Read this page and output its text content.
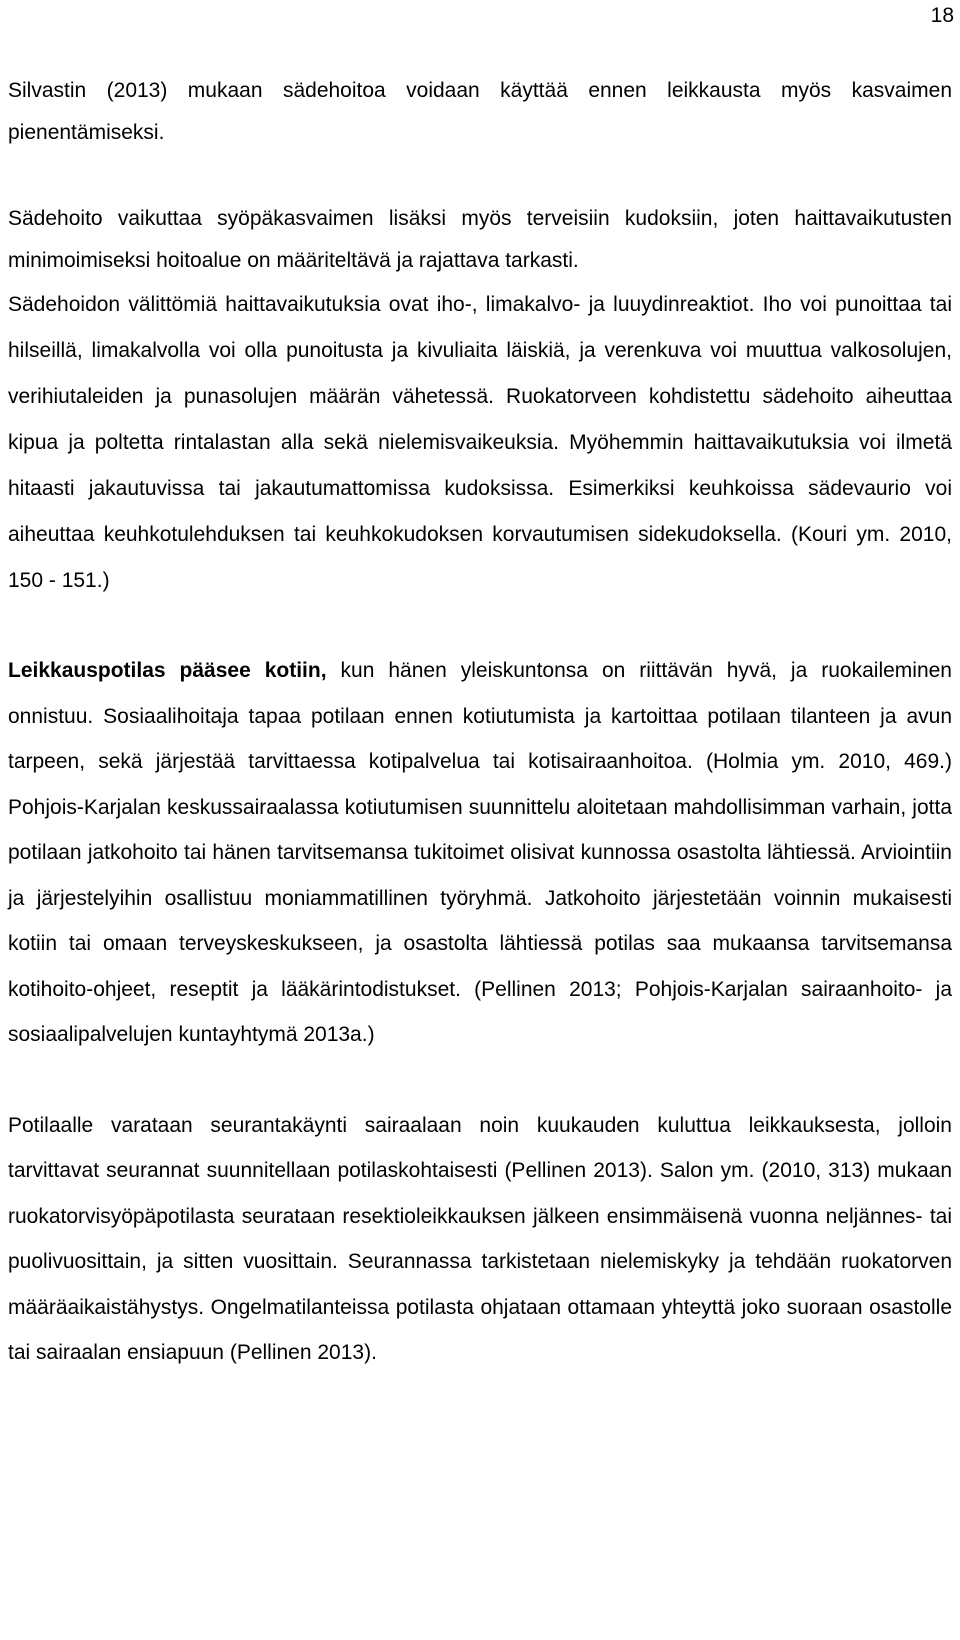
18

Silvastin (2013) mukaan sädehoitoa voidaan käyttää ennen leikkausta myös kasvaimen pienentämiseksi.

Sädehoito vaikuttaa syöpäkasvaimen lisäksi myös terveisiin kudoksiin, joten haittavaikutusten minimoimiseksi hoitoalue on määriteltävä ja rajattava tarkasti.

Sädehoidon välittömiä haittavaikutuksia ovat iho-, limakalvo- ja luuydinreaktiot. Iho voi punoittaa tai hilseillä, limakalvolla voi olla punoitusta ja kivuliaita läiskiä, ja verenkuva voi muuttua valkosolujen, verihiutaleiden ja punasolujen määrän vähetessä. Ruokatorveen kohdistettu sädehoito aiheuttaa kipua ja poltetta rintalastan alla sekä nielemisvaikeuksia. Myöhemmin haittavaikutuksia voi ilmetä hitaasti jakautuvissa tai jakautumattomissa kudoksissa. Esimerkiksi keuhkoissa sädevaurio voi aiheuttaa keuhkotulehduksen tai keuhkokudoksen korvautumisen sidekudoksella. (Kouri ym. 2010, 150 - 151.)

Leikkauspotilas pääsee kotiin, kun hänen yleiskuntonsa on riittävän hyvä, ja ruokaileminen onnistuu. Sosiaalihoitaja tapaa potilaan ennen kotiutumista ja kartoittaa potilaan tilanteen ja avun tarpeen, sekä järjestää tarvittaessa kotipalvelua tai kotisairaanhoitoa. (Holmia ym. 2010, 469.) Pohjois-Karjalan keskussairaalassa kotiutumisen suunnittelu aloitetaan mahdollisimman varhain, jotta potilaan jatkohoito tai hänen tarvitsemansa tukitoimet olisivat kunnossa osastolta lähtiessä. Arviointiin ja järjestelyihin osallistuu moniammatillinen työryhmä. Jatkohoito järjestetään voinnin mukaisesti kotiin tai omaan terveyskeskukseen, ja osastolta lähtiessä potilas saa mukaansa tarvitsemansa kotihoito-ohjeet, reseptit ja lääkärintodistukset. (Pellinen 2013; Pohjois-Karjalan sairaanhoito- ja sosiaalipalvelujen kuntayhtymä 2013a.)

Potilaalle varataan seurantakäynti sairaalaan noin kuukauden kuluttua leikkauksesta, jolloin tarvittavat seurannat suunnitellaan potilaskohtaisesti (Pellinen 2013). Salon ym. (2010, 313) mukaan ruokatorvisyöpäpotilasta seurataan resektioleikkauksen jälkeen ensimmäisenä vuonna neljännes- tai puolivuosittain, ja sitten vuosittain. Seurannassa tarkistetaan nielemiskyky ja tehdään ruokatorven määräaikaistähystys. Ongelmatilanteissa potilasta ohjataan ottamaan yhteyttä joko suoraan osastolle tai sairaalan ensiapuun (Pellinen 2013).
